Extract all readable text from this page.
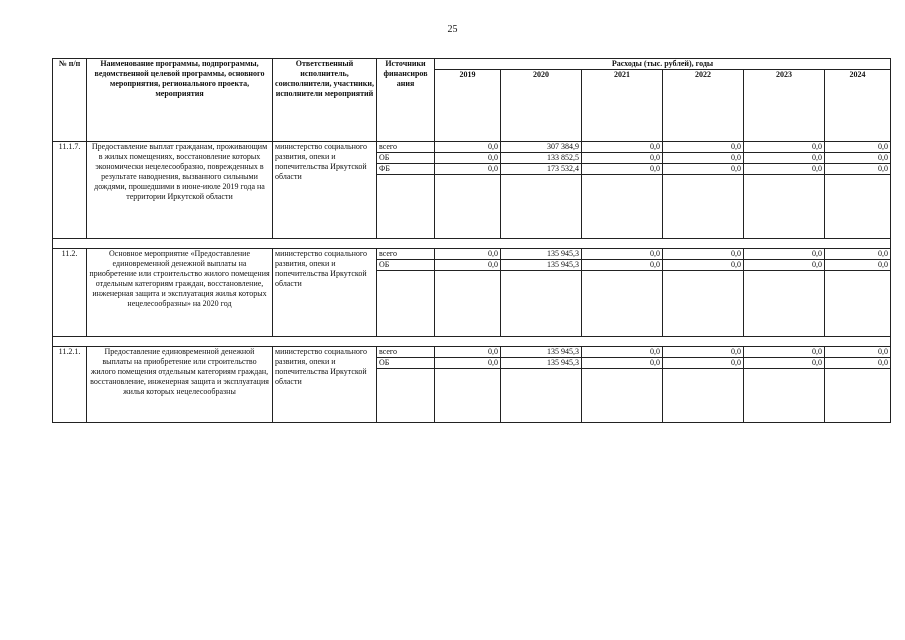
25
№ п/п	Наименование программы, подпрограммы, ведомственной целевой программы, основного мероприятия, регионального проекта, мероприятия	Ответственный исполнитель, соисполнители, участники, исполнители мероприятий	Источники финансиров ания	Расходы (тыс. рублей), годы					
				2019	2020	2021	2022	2023	2024
11.1.7.	Предоставление выплат гражданам, проживающим в жилых помещениях, восстановление которых экономически нецелесообразно, поврежденных в результате наводнения, вызванного сильными дождями, прошедшими в июне-июле 2019 года на территории Иркутской области	министерство социального развития, опеки и попечительства Иркутской области	всего	0,0	307 384,9	0,0	0,0	0,0	0,0
			ОБ	0,0	133 852,5	0,0	0,0	0,0	0,0
			ФБ	0,0	173 532,4	0,0	0,0	0,0	0,0

11.2.	Основное мероприятие «Предоставление единовременной денежной выплаты на приобретение или строительство жилого помещения отдельным категориям граждан, восстановление, инженерная защита и эксплуатация жилья которых нецелесообразны» на 2020 год	министерство социального развития, опеки и попечительства Иркутской области	всего	0,0	135 945,3	0,0	0,0	0,0	0,0
			ОБ	0,0	135 945,3	0,0	0,0	0,0	0,0

11.2.1.	Предоставление единовременной денежной выплаты на приобретение или строительство жилого помещения отдельным категориям граждан, восстановление, инженерная защита и эксплуатация жилья которых нецелесообразны	министерство социального развития, опеки и попечительства Иркутской области	всего	0,0	135 945,3	0,0	0,0	0,0	0,0
			ОБ	0,0	135 945,3	0,0	0,0	0,0	0,0
